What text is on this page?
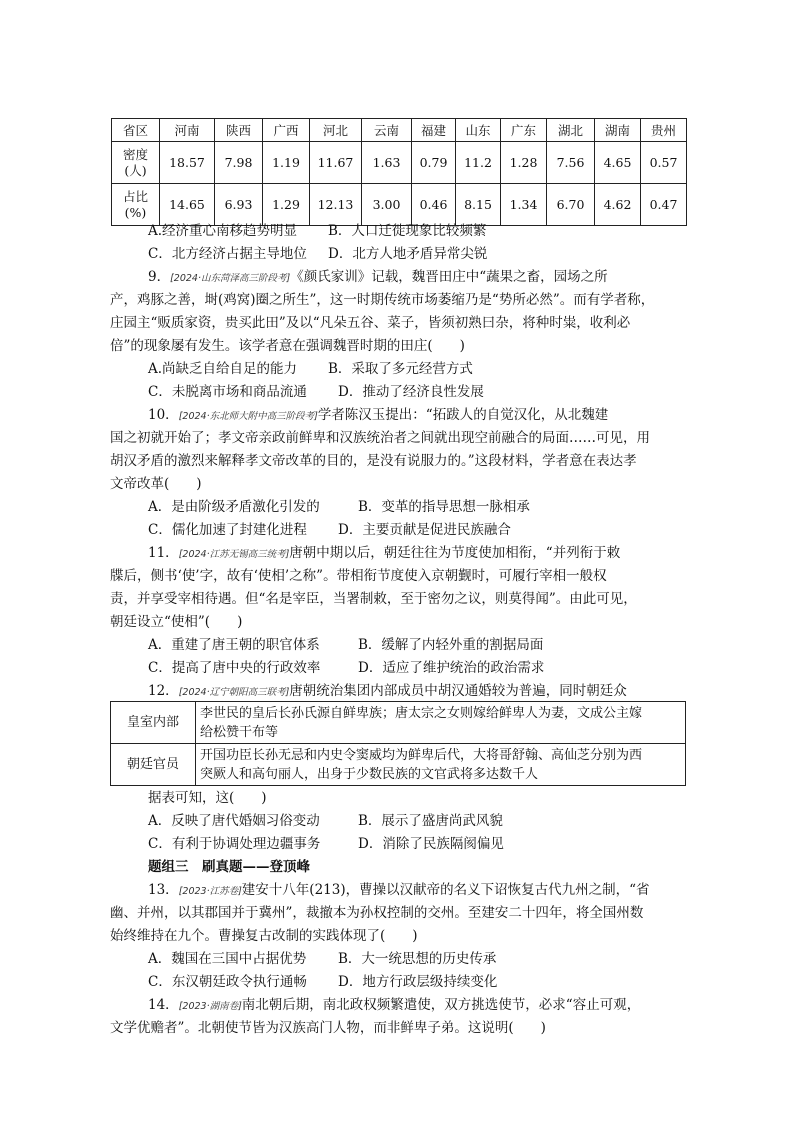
省区	河南	陕西	广西	河北	云南	福建	山东	广东	湖北	湖南	贵州
密度
(人)	18.57	7.98	1.19	11.67	1.63	0.79	11.2	1.28	7.56	4.65	0.57
占比
(%)	14.65	6.93	1.29	12.13	3.00	0.46	8.15	1.34	6.70	4.62	0.47
A.经济重心南移趋势明显 B．人口迁徙现象比较频繁
C．北方经济占据主导地位 D．北方人地矛盾异常尖锐
9．[2024·山东菏泽高三阶段考]《颜氏家训》记载，魏晋田庄中“蔬果之畜，园场之所
产，鸡豚之善，埘(鸡窝)圈之所生”，这一时期传统市场萎缩乃是“势所必然”。而有学者称，
庄园主“贩质家资，贵买此田”及以“凡朵五谷、菜子，皆须初熟曰杂，将种时粜，收利必
倍”的现象屡有发生。该学者意在强调魏晋时期的田庄(　　)
A.尚缺乏自给自足的能力 B．采取了多元经营方式
C．未脱离市场和商品流通 D．推动了经济良性发展
10．[2024·东北师大附中高三阶段考]学者陈汉玉提出：“拓跋人的自觉汉化，从北魏建
国之初就开始了；孝文帝亲政前鲜卑和汉族统治者之间就出现空前融合的局面……可见，用
胡汉矛盾的激烈来解释孝文帝改革的目的，是没有说服力的。”这段材料，学者意在表达孝
文帝改革(　　)
A．是由阶级矛盾激化引发的	B．变革的指导思想一脉相承
C．儒化加速了封建化进程 D．主要贡献是促进民族融合
11．[2024·江苏无锡高三统考]唐朝中期以后，朝廷往往为节度使加相衔，“并列衔于敕
牒后，侧书‘使’字，故有‘使相’之称”。带相衔节度使入京朝觐时，可履行宰相一般权
责，并享受宰相待遇。但“名是宰臣，当署制敕，至于密勿之议，则莫得闻”。由此可见，
朝廷设立“使相”(　　)
A．重建了唐王朝的职官体系	B．缓解了内轻外重的割据局面
C．提高了唐中央的行政效率	D．适应了维护统治的政治需求
12．[2024·辽宁朝阳高三联考]唐朝统治集团内部成员中胡汉通婚较为普遍，同时朝廷众
皇室内部	李世民的皇后长孙氏源自鲜卑族；唐太宗之女则嫁给鲜卑人为妻，文成公主嫁
给松赞干布等
朝廷官员	开国功臣长孙无忌和内史令窦威均为鲜卑后代，大将哥舒翰、高仙芝分别为西
突厥人和高句丽人，出身于少数民族的文官武将多达数千人
据表可知，这(　　)
A．反映了唐代婚姻习俗变动	B．展示了盛唐尚武风貌
C．有利于协调处理边疆事务	D．消除了民族隔阂偏见
题组三　刷真题——登顶峰
13．[2023·江苏卷]建安十八年(213)，曹操以汉献帝的名义下诏恢复古代九州之制，“省
幽、并州，以其郡国并于冀州”，裁撤本为孙权控制的交州。至建安二十四年，将全国州数
始终维持在九个。曹操复古改制的实践体现了(　　)
A．魏国在三国中占据优势 B．大一统思想的历史传承
C．东汉朝廷政令执行通畅 D．地方行政层级持续变化
14．[2023·湖南卷]南北朝后期，南北政权频繁遣使，双方挑选使节，必求“容止可观，
文学优赡者”。北朝使节皆为汉族高门人物，而非鲜卑子弟。这说明(　　)
